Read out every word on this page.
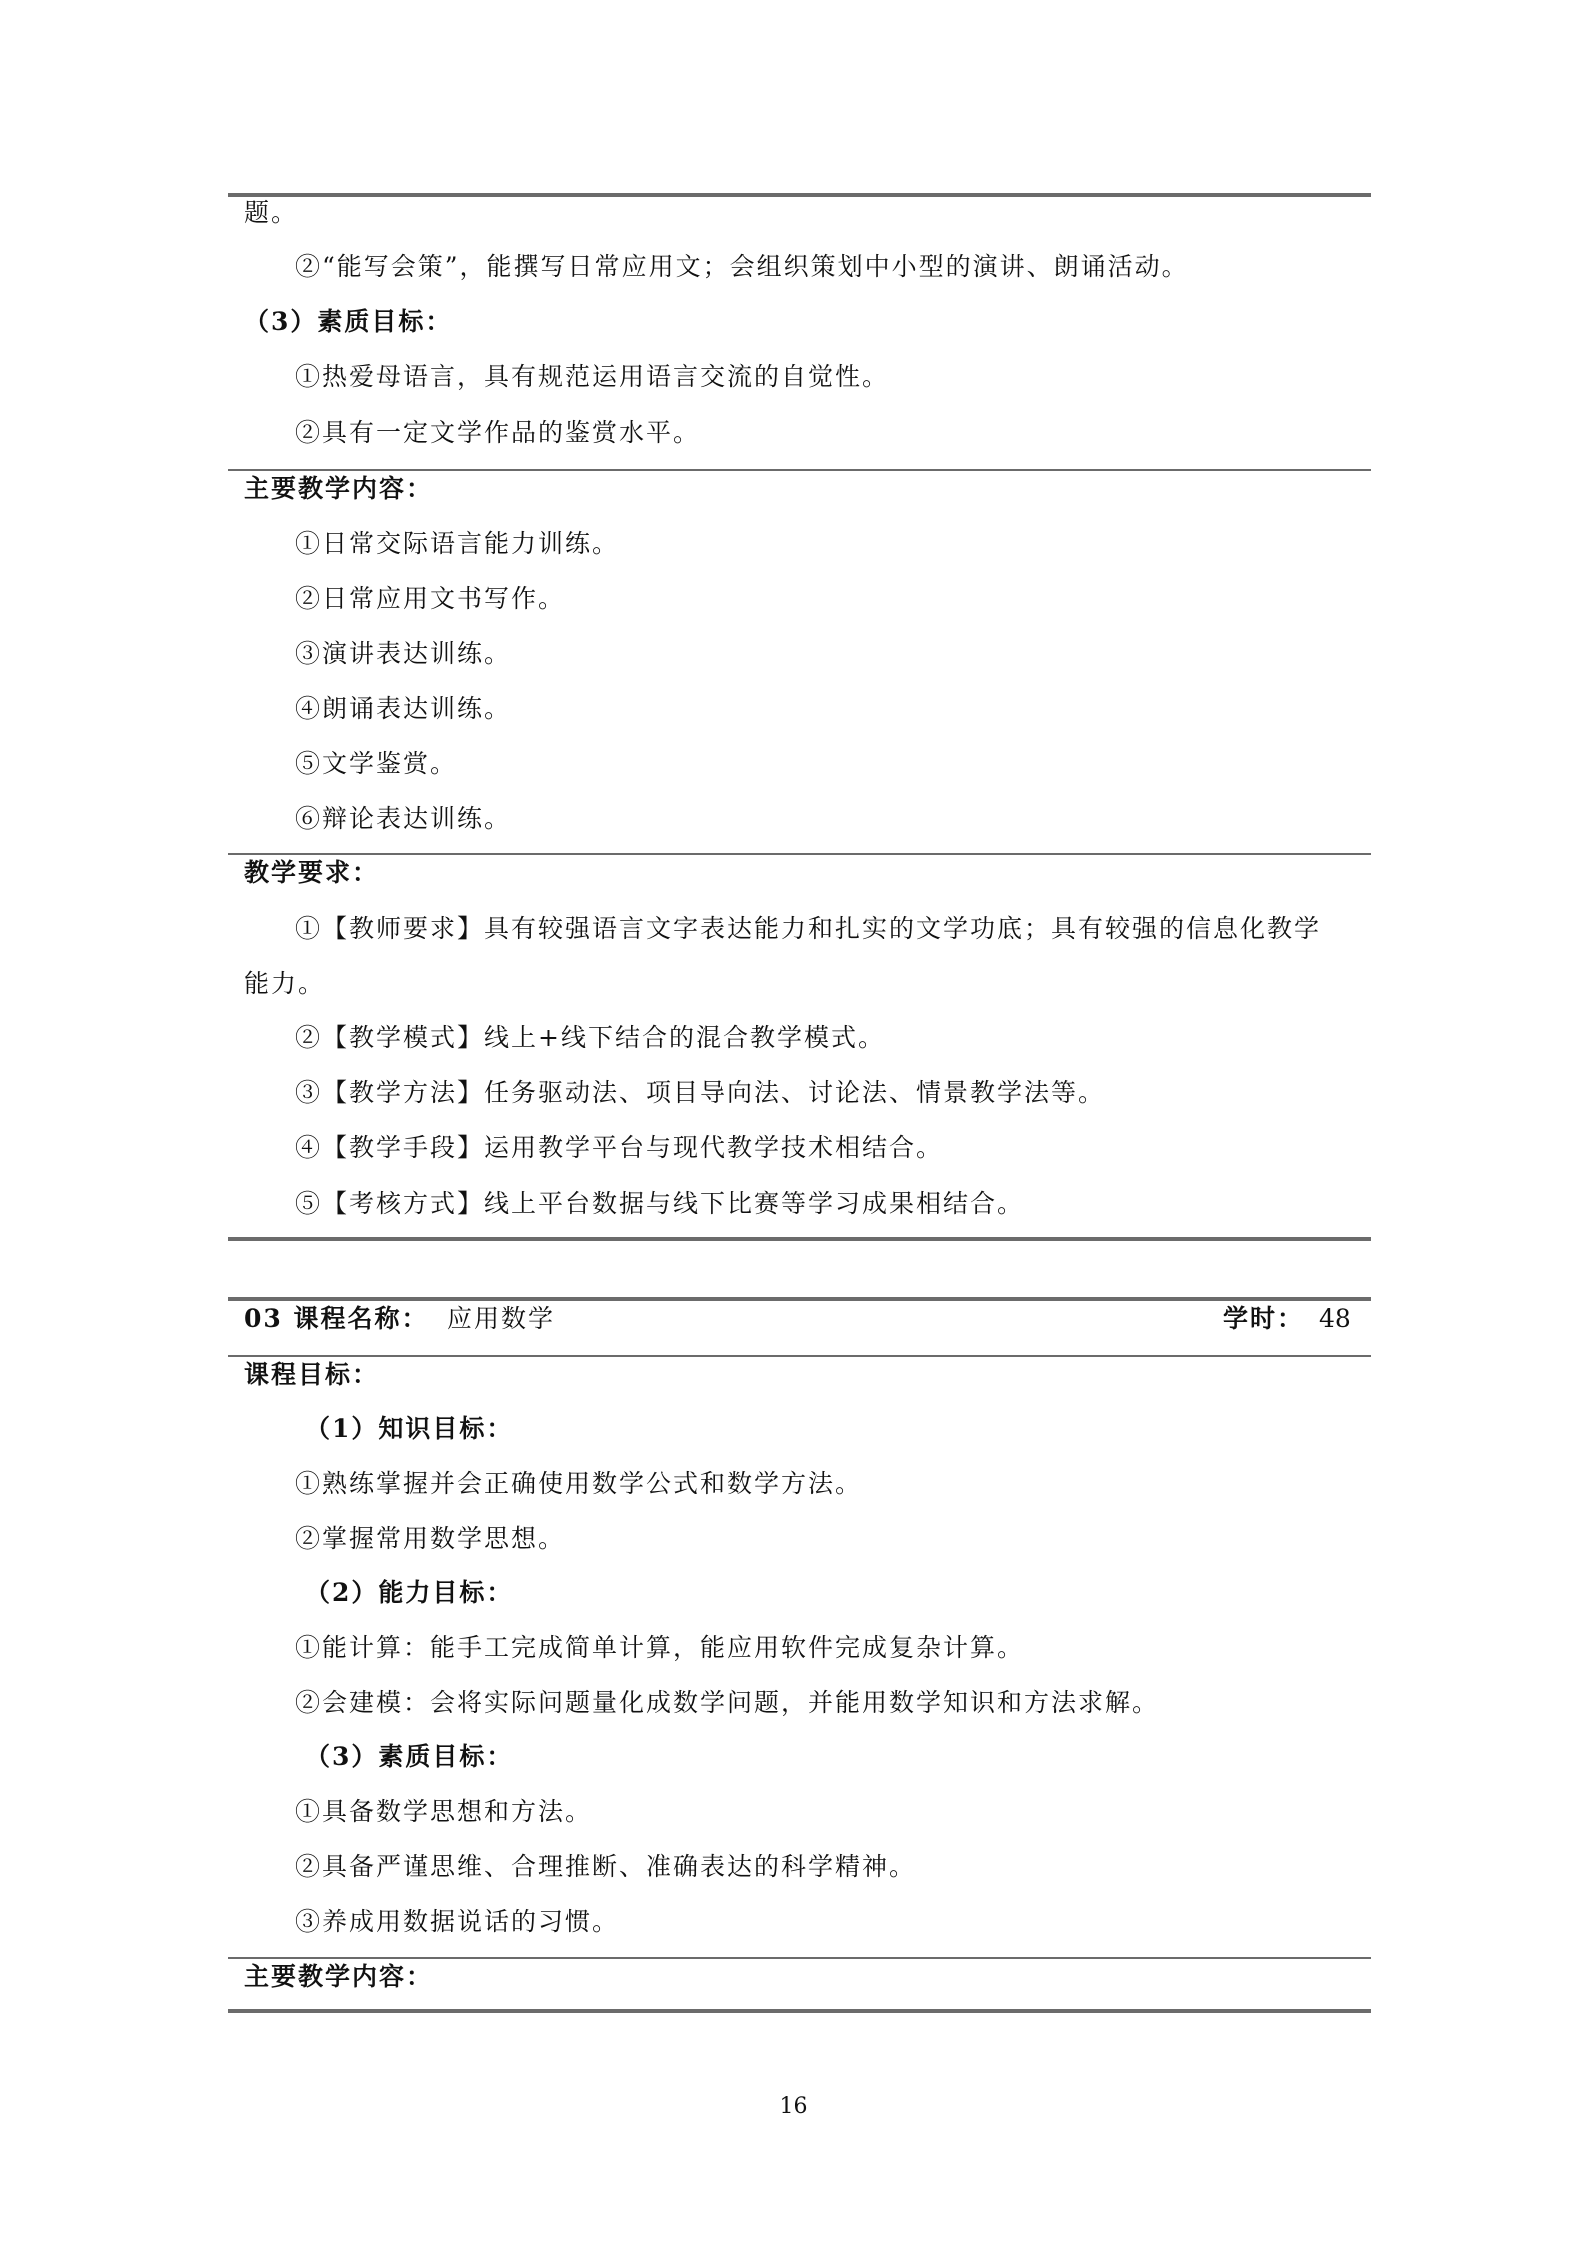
题。
②“能写会策”，能撰写日常应用文；会组织策划中小型的演讲、朗诵活动。
（3）素质目标：
①热爱母语言，具有规范运用语言交流的自觉性。
②具有一定文学作品的鉴赏水平。
主要教学内容：
①日常交际语言能力训练。
②日常应用文书写作。
③演讲表达训练。
④朗诵表达训练。
⑤文学鉴赏。
⑥辩论表达训练。
教学要求：
①【教师要求】具有较强语言文字表达能力和扎实的文学功底；具有较强的信息化教学
能力。
②【教学模式】线上+线下结合的混合教学模式。
③【教学方法】任务驱动法、项目导向法、讨论法、情景教学法等。
④【教学手段】运用教学平台与现代教学技术相结合。
⑤【考核方式】线上平台数据与线下比赛等学习成果相结合。
03 课程名称： 应用数学	学时： 48
课程目标：
（1）知识目标：
①熟练掌握并会正确使用数学公式和数学方法。
②掌握常用数学思想。
（2）能力目标：
①能计算：能手工完成简单计算，能应用软件完成复杂计算。
②会建模：会将实际问题量化成数学问题，并能用数学知识和方法求解。
（3）素质目标：
①具备数学思想和方法。
②具备严谨思维、合理推断、准确表达的科学精神。
③养成用数据说话的习惯。
主要教学内容：
16
